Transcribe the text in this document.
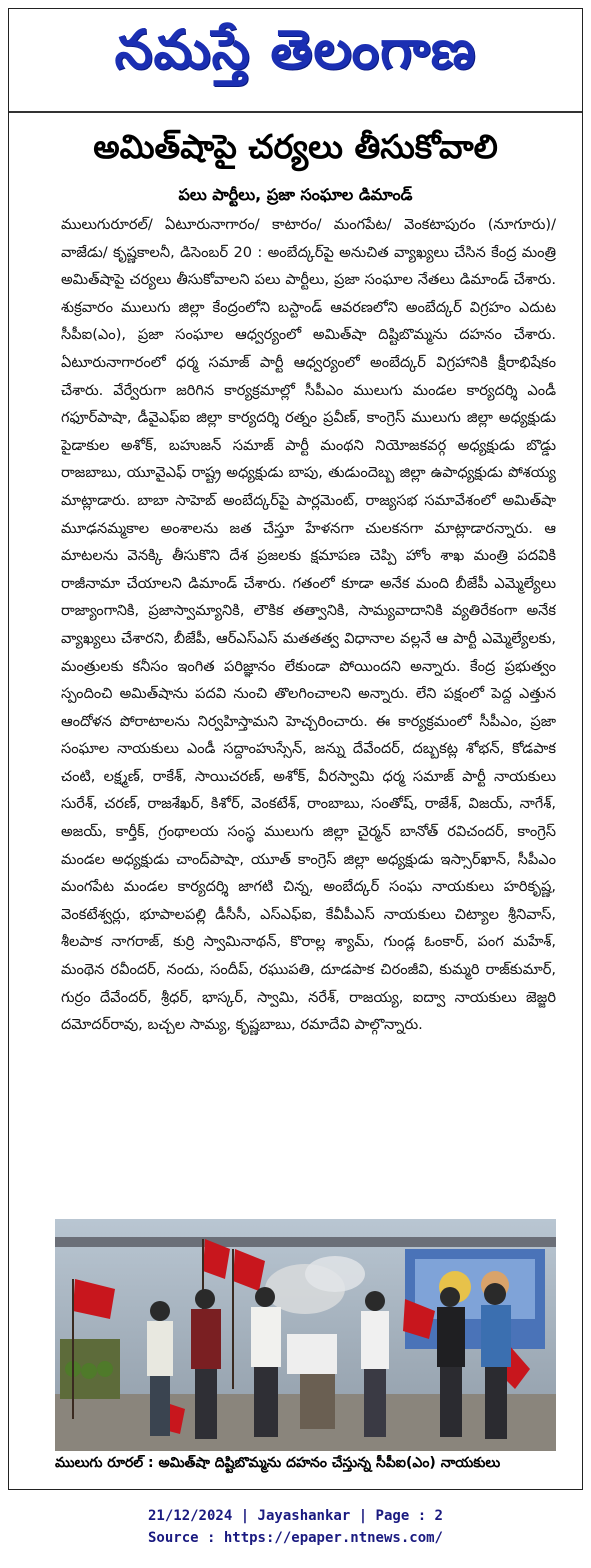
నమస్తే తెలంగాణ
అమిత్‌షాపై చర్యలు తీసుకోవాలి
పలు పార్టీలు, ప్రజా సంఘాల డిమాండ్
ములుగురూరల్/ ఏటూరునాగారం/ కాటారం/ మంగపేట/ వెంకటాపురం (నూగూరు)/ వాజేడు/ కృష్ణకాలనీ, డిసెంబర్ 20 : అంబేద్కర్‌పై అనుచిత వ్యాఖ్యలు చేసిన కేంద్ర మంత్రి అమిత్‌షాపై చర్యలు తీసుకోవాలని పలు పార్టీలు, ప్రజా సంఘాల నేతలు డిమాండ్ చేశారు. శుక్రవారం ములుగు జిల్లా కేంద్రంలోని బస్టాండ్ ఆవరణలోని అంబేద్కర్ విగ్రహం ఎదుట సీపీఐ(ఎం), ప్రజా సంఘాల ఆధ్వర్యంలో అమిత్‌షా దిష్టిబొమ్మను దహనం చేశారు. ఏటూరునాగారంలో ధర్మ సమాజ్ పార్టీ ఆధ్వర్యంలో అంబేద్కర్ విగ్రహానికి క్షీరాభిషేకం చేశారు. వేర్వేరుగా జరిగిన కార్యక్రమాల్లో సీపీఎం ములుగు మండల కార్యదర్శి ఎండీ గఫూర్‌పాషా, డీవైఎఫ్‌ఐ జిల్లా కార్యదర్శి రత్నం ప్రవీణ్, కాంగ్రెస్ ములుగు జిల్లా అధ్యక్షుడు పైడాకుల అశోక్, బహుజన్ సమాజ్ పార్టీ మంథని నియోజకవర్గ అధ్యక్షుడు బొడ్డు రాజబాబు, యూవైఎఫ్ రాష్ట్ర అధ్యక్షుడు బాపు, తుడుందెబ్బ జిల్లా ఉపాధ్యక్షుడు పోశయ్య మాట్లాడారు. బాబా సాహెబ్ అంబేద్కర్‌పై పార్లమెంట్, రాజ్యసభ సమావేశంలో అమిత్‌షా మూఢనమ్మకాల అంశాలను జత చేస్తూ హేళనగా చులకనగా మాట్లాడారన్నారు. ఆ మాటలను వెనక్కి తీసుకొని దేశ ప్రజలకు క్షమాపణ చెప్పి హోం శాఖ మంత్రి పదవికి రాజీనామా చేయాలని డిమాండ్ చేశారు. గతంలో కూడా అనేక మంది బీజేపీ ఎమ్మెల్యేలు రాజ్యాంగానికి, ప్రజాస్వామ్యానికి, లౌకిక తత్వానికి, సామ్యవాదానికి వ్యతిరేకంగా అనేక వ్యాఖ్యలు చేశారని, బీజేపీ, ఆర్ఎస్ఎస్ మతతత్వ విధానాల వల్లనే ఆ పార్టీ ఎమ్మెల్యేలకు, మంత్రులకు కనీసం ఇంగిత పరిజ్ఞానం లేకుండా పోయిందని అన్నారు. కేంద్ర ప్రభుత్వం స్పందించి అమిత్‌షాను పదవి నుంచి తొలగించాలని అన్నారు. లేని పక్షంలో పెద్ద ఎత్తున ఆందోళన పోరాటాలను నిర్వహిస్తామని హెచ్చరించారు. ఈ కార్యక్రమంలో సీపీఎం, ప్రజా సంఘాల నాయకులు ఎండీ సద్దాంహుస్సేన్, జన్ను దేవేందర్, దబ్బకట్ల శోభన్, కోడపాక చంటి, లక్ష్మణ్, రాకేశ్, సాయిచరణ్, అశోక్, వీరస్వామి ధర్మ సమాజ్ పార్టీ నాయకులు సురేశ్, చరణ్, రాజశేఖర్, కిశోర్, వెంకటేశ్, రాంబాబు, సంతోష్, రాజేశ్, విజయ్, నాగేశ్, అజయ్, కార్తీక్, గ్రంథాలయ సంస్థ ములుగు జిల్లా చైర్మన్ బానోత్ రవిచందర్, కాంగ్రెస్ మండల అధ్యక్షుడు చాంద్‌పాషా, యూత్ కాంగ్రెస్ జిల్లా అధ్యక్షుడు ఇస్సార్‌ఖాన్, సీపీఎం మంగపేట మండల కార్యదర్శి జాగటి చిన్న, అంబేద్కర్ సంఘ నాయకులు హరికృష్ణ, వెంకటేశ్వర్లు, భూపాలపల్లి డీసీసీ, ఎస్ఎఫ్ఐ, కేవీపీఎస్ నాయకులు చిట్యాల శ్రీనివాస్, శీలపాక నాగరాజ్, కుర్రి స్వామినాథన్, కొరాల్ల శ్యామ్, గుండ్ల ఓంకార్, పంగ మహేశ్, మంథెన రవీందర్, నందు, సందీప్, రఘుపతి, దూడపాక చిరంజీవి, కుమ్మరి రాజ్‌కుమార్, గుర్రం దేవేందర్, శ్రీధర్, భాస్కర్, స్వామి, నరేశ్, రాజయ్య, ఐద్వా నాయకులు జెజ్జరి దమోదర్‌రావు, బచ్చల సామ్య, కృష్ణబాబు, రమాదేవి పాల్గొన్నారు.
ములుగు రూరల్ : అమిత్‌షా దిష్టిబొమ్మను దహనం చేస్తున్న సీపీఐ(ఎం) నాయకులు
21/12/2024 | Jayashankar | Page : 2
Source : https://epaper.ntnews.com/
